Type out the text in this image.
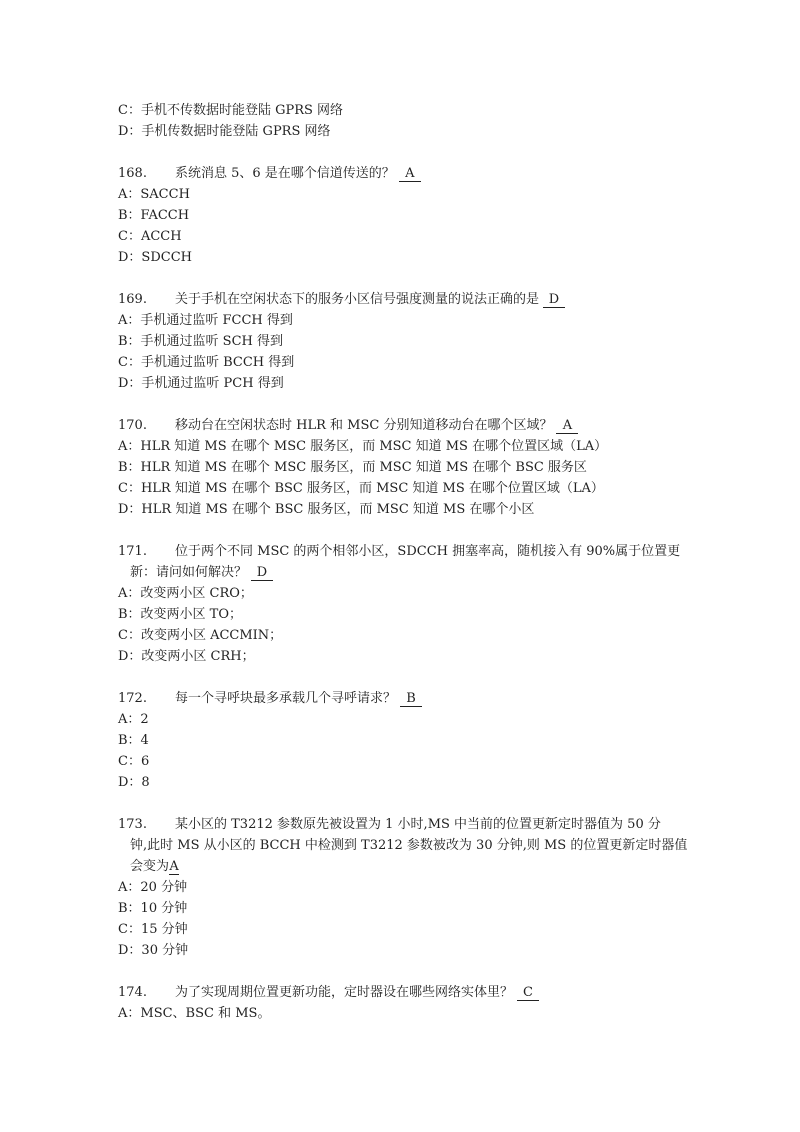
C：手机不传数据时能登陆 GPRS 网络
D：手机传数据时能登陆 GPRS 网络
168. 系统消息 5、6 是在哪个信道传送的？ A
A：SACCH
B：FACCH
C：ACCH
D：SDCCH
169. 关于手机在空闲状态下的服务小区信号强度测量的说法正确的是 D
A：手机通过监听 FCCH 得到
B：手机通过监听 SCH 得到
C：手机通过监听 BCCH 得到
D：手机通过监听 PCH 得到
170. 移动台在空闲状态时 HLR 和 MSC 分别知道移动台在哪个区域？ A
A：HLR 知道 MS 在哪个 MSC 服务区，而 MSC 知道 MS 在哪个位置区域（LA）
B：HLR 知道 MS 在哪个 MSC 服务区，而 MSC 知道 MS 在哪个 BSC 服务区
C：HLR 知道 MS 在哪个 BSC 服务区，而 MSC 知道 MS 在哪个位置区域（LA）
D：HLR 知道 MS 在哪个 BSC 服务区，而 MSC 知道 MS 在哪个小区
171. 位于两个不同 MSC 的两个相邻小区，SDCCH 拥塞率高，随机接入有 90%属于位置更
新：请问如何解决？ D
A：改变两小区 CRO；
B：改变两小区 TO；
C：改变两小区 ACCMIN；
D：改变两小区 CRH；
172. 每一个寻呼块最多承载几个寻呼请求？ B
A：2
B：4
C：6
D：8
173. 某小区的 T3212 参数原先被设置为 1 小时,MS 中当前的位置更新定时器值为 50 分
钟,此时 MS 从小区的 BCCH 中检测到 T3212 参数被改为 30 分钟,则 MS 的位置更新定时器值
会变为A
A：20 分钟
B：10 分钟
C：15 分钟
D：30 分钟
174. 为了实现周期位置更新功能，定时器设在哪些网络实体里？ C
A：MSC、BSC 和 MS。
